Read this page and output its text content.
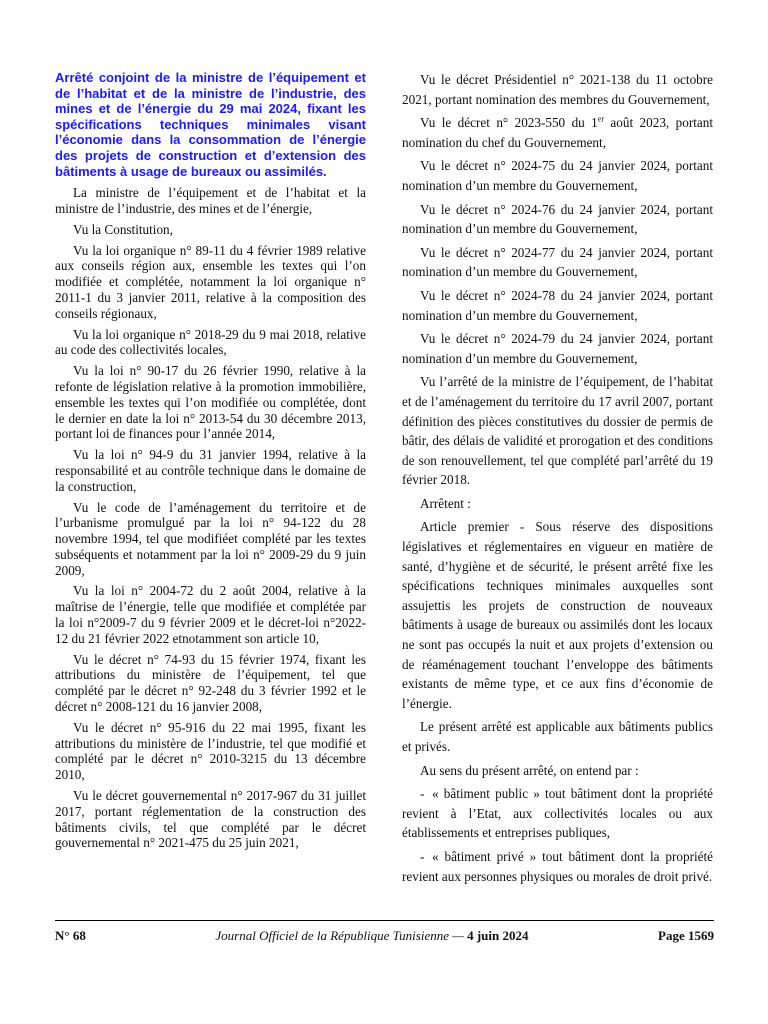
Arrêté conjoint de la ministre de l’équipement et de l’habitat et de la ministre de l’industrie, des mines et de l’énergie du 29 mai 2024, fixant les spécifications techniques minimales visant l’économie dans la consommation de l’énergie des projets de construction et d’extension des bâtiments à usage de bureaux ou assimilés.

La ministre de l’équipement et de l’habitat et la ministre de l’industrie, des mines et de l’énergie,

Vu la Constitution,

Vu la loi organique n° 89-11 du 4 février 1989 relative aux conseils région aux, ensemble les textes qui l’on modifiée et complétée, notamment la loi organique n° 2011-1 du 3 janvier 2011, relative à la composition des conseils régionaux,

Vu la loi organique n° 2018-29 du 9 mai 2018, relative au code des collectivités locales,

Vu la loi n° 90-17 du 26 février 1990, relative à la refonte de législation relative à la promotion immobilière, ensemble les textes qui l’on modifiée ou complétée, dont le dernier en date la loi n° 2013-54 du 30 décembre 2013, portant loi de finances pour l’année 2014,

Vu la loi n° 94-9 du 31 janvier 1994, relative à la responsabilité et au contrôle technique dans le domaine de la construction,

Vu le code de l’aménagement du territoire et de l’urbanisme promulgué par la loi n° 94-122 du 28 novembre 1994, tel que modifiéet complété par les textes subséquents et notamment par la loi n° 2009-29 du 9 juin 2009,

Vu la loi n° 2004-72 du 2 août 2004, relative à la maîtrise de l’énergie, telle que modifiée et complétée par la loi n°2009-7 du 9 février 2009 et le décret-loi n°2022-12 du 21 février 2022 etnotamment son article 10,

Vu le décret n° 74-93 du 15 février 1974, fixant les attributions du ministère de l’équipement, tel que complété par le décret n° 92-248 du 3 février 1992 et le décret n° 2008-121 du 16 janvier 2008,

Vu le décret n° 95-916 du 22 mai 1995, fixant les attributions du ministère de l’industrie, tel que modifié et complété par le décret n° 2010-3215 du 13 décembre 2010,

Vu le décret gouvernemental n° 2017-967 du 31 juillet 2017, portant réglementation de la construction des bâtiments civils, tel que complété par le décret gouvernemental n° 2021-475 du 25 juin 2021,

Vu le décret Présidentiel n° 2021-138 du 11 octobre 2021, portant nomination des membres du Gouvernement,

Vu le décret n° 2023-550 du 1er août 2023, portant nomination du chef du Gouvernement,

Vu le décret n° 2024-75 du 24 janvier 2024, portant nomination d’un membre du Gouvernement,

Vu le décret n° 2024-76 du 24 janvier 2024, portant nomination d’un membre du Gouvernement,

Vu le décret n° 2024-77 du 24 janvier 2024, portant nomination d’un membre du Gouvernement,

Vu le décret n° 2024-78 du 24 janvier 2024, portant nomination d’un membre du Gouvernement,

Vu le décret n° 2024-79 du 24 janvier 2024, portant nomination d’un membre du Gouvernement,

Vu l’arrêté de la ministre de l’équipement, de l’habitat et de l’aménagement du territoire du 17 avril 2007, portant définition des pièces constitutives du dossier de permis de bâtir, des délais de validité et prorogation et des conditions de son renouvellement, tel que complété parl’arrêté du 19 février 2018.

Arrêtent :

Article premier - Sous réserve des dispositions législatives et réglementaires en vigueur en matière de santé, d’hygiène et de sécurité, le présent arrêté fixe les spécifications techniques minimales auxquelles sont assujettis les projets de construction de nouveaux bâtiments à usage de bureaux ou assimilés dont les locaux ne sont pas occupés la nuit et aux projets d’extension ou de réaménagement touchant l’enveloppe des bâtiments existants de même type, et ce aux fins d’économie de l’énergie.

Le présent arrêté est applicable aux bâtiments publics et privés.

Au sens du présent arrêté, on entend par :

- « bâtiment public » tout bâtiment dont la propriété revient à l’Etat, aux collectivités locales ou aux établissements et entreprises publiques,

- « bâtiment privé » tout bâtiment dont la propriété revient aux personnes physiques ou morales de droit privé.

N° 68	Journal Officiel de la République Tunisienne — 4 juin 2024	Page 1569
